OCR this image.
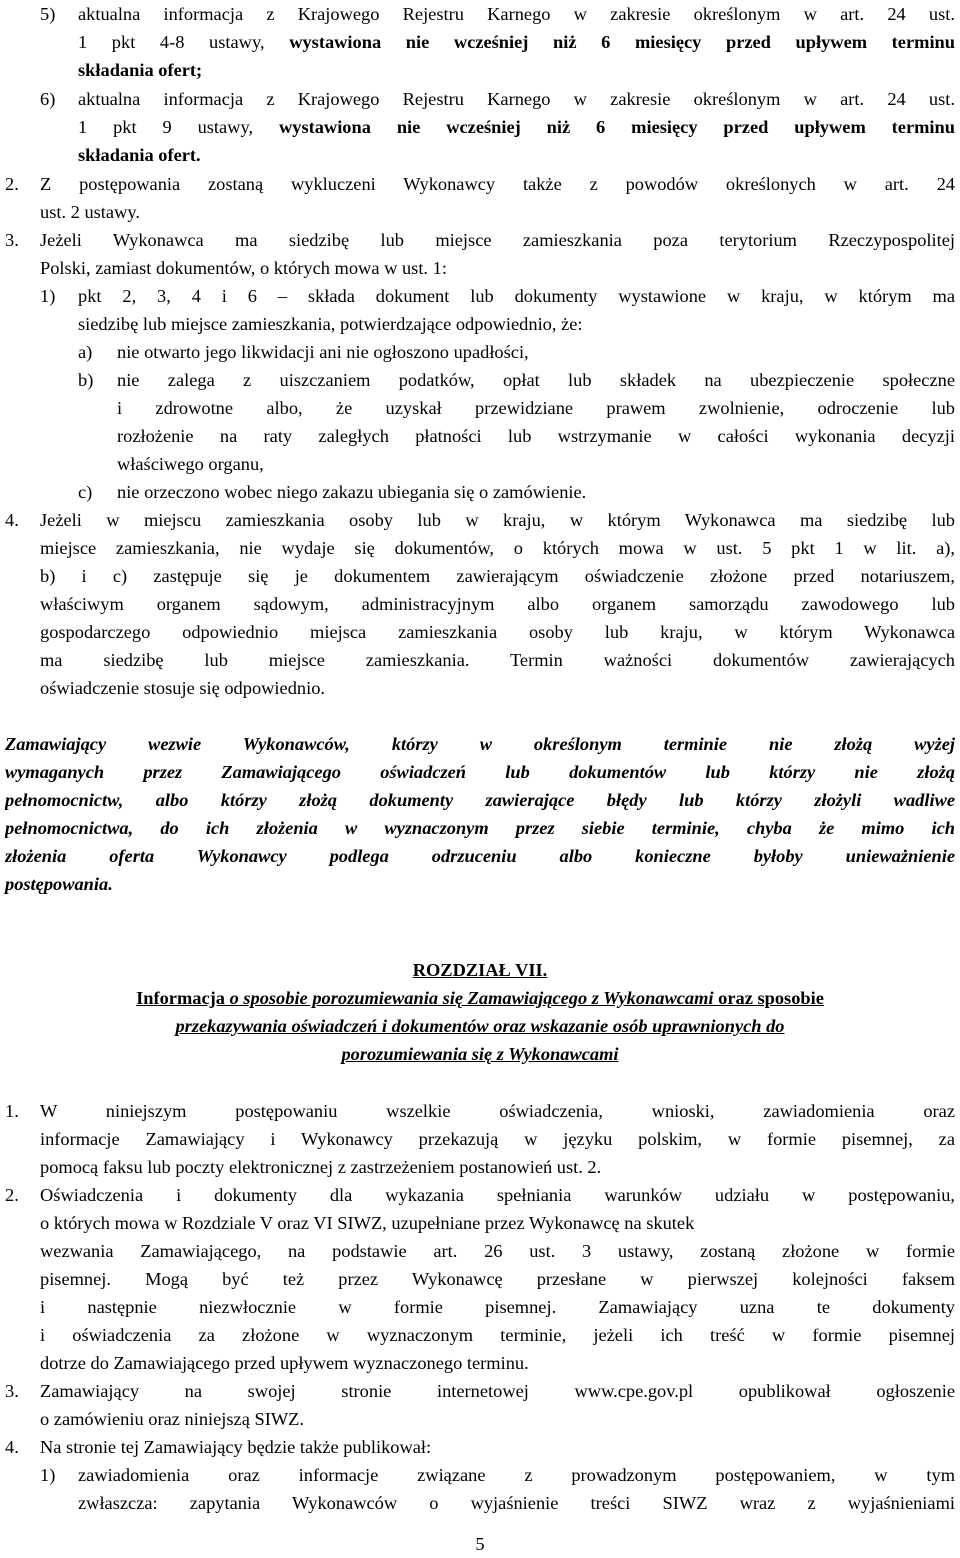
5) aktualna informacja z Krajowego Rejestru Karnego w zakresie określonym w art. 24 ust.
1 pkt 4-8 ustawy, wystawiona nie wcześniej niż 6 miesięcy przed upływem terminu
składania ofert;
6) aktualna informacja z Krajowego Rejestru Karnego w zakresie określonym w art. 24 ust.
1 pkt 9 ustawy, wystawiona nie wcześniej niż 6 miesięcy przed upływem terminu
składania ofert.
2. Z postępowania zostaną wykluczeni Wykonawcy także z powodów określonych w art. 24
ust. 2 ustawy.
3. Jeżeli Wykonawca ma siedzibę lub miejsce zamieszkania poza terytorium Rzeczypospolitej
Polski, zamiast dokumentów, o których mowa w ust. 1:
1) pkt 2, 3, 4 i 6 – składa dokument lub dokumenty wystawione w kraju, w którym ma
siedzibę lub miejsce zamieszkania, potwierdzające odpowiednio, że:
a) nie otwarto jego likwidacji ani nie ogłoszono upadłości,
b) nie zalega z uiszczaniem podatków, opłat lub składek na ubezpieczenie społeczne
i zdrowotne albo, że uzyskał przewidziane prawem zwolnienie, odroczenie lub
rozłożenie na raty zaległych płatności lub wstrzymanie w całości wykonania decyzji
właściwego organu,
c) nie orzeczono wobec niego zakazu ubiegania się o zamówienie.
4. Jeżeli w miejscu zamieszkania osoby lub w kraju, w którym Wykonawca ma siedzibę lub
miejsce zamieszkania, nie wydaje się dokumentów, o których mowa w ust. 5 pkt 1 w lit. a),
b) i c) zastępuje się je dokumentem zawierającym oświadczenie złożone przed notariuszem,
właściwym organem sądowym, administracyjnym albo organem samorządu zawodowego lub
gospodarczego odpowiednio miejsca zamieszkania osoby lub kraju, w którym Wykonawca
ma siedzibę lub miejsce zamieszkania. Termin ważności dokumentów zawierających
oświadczenie stosuje się odpowiednio.
Zamawiający wezwie Wykonawców, którzy w określonym terminie nie złożą wyżej
wymaganych przez Zamawiającego oświadczeń lub dokumentów lub którzy nie złożą
pełnomocnictw, albo którzy złożą dokumenty zawierające błędy lub którzy złożyli wadliwe
pełnomocnictwa, do ich złożenia w wyznaczonym przez siebie terminie, chyba że mimo ich
złożenia oferta Wykonawcy podlega odrzuceniu albo konieczne byłoby unieważnienie
postępowania.
ROZDZIAŁ VII.
Informacja o sposobie porozumiewania się Zamawiającego z Wykonawcami oraz sposobie
przekazywania oświadczeń i dokumentów oraz wskazanie osób uprawnionych do
porozumiewania się z Wykonawcami
1. W niniejszym postępowaniu wszelkie oświadczenia, wnioski, zawiadomienia oraz
informacje Zamawiający i Wykonawcy przekazują w języku polskim, w formie pisemnej, za
pomocą faksu lub poczty elektronicznej z zastrzeżeniem postanowień ust. 2.
2. Oświadczenia i dokumenty dla wykazania spełniania warunków udziału w postępowaniu,
o których mowa w Rozdziale V oraz VI SIWZ, uzupełniane przez Wykonawcę na skutek
wezwania Zamawiającego, na podstawie art. 26 ust. 3 ustawy, zostaną złożone w formie
pisemnej. Mogą być też przez Wykonawcę przesłane w pierwszej kolejności faksem
i następnie niezwłocznie w formie pisemnej. Zamawiający uzna te dokumenty
i oświadczenia za złożone w wyznaczonym terminie, jeżeli ich treść w formie pisemnej
dotrze do Zamawiającego przed upływem wyznaczonego terminu.
3. Zamawiający na swojej stronie internetowej www.cpe.gov.pl opublikował ogłoszenie
o zamówieniu oraz niniejszą SIWZ.
4. Na stronie tej Zamawiający będzie także publikował:
1) zawiadomienia oraz informacje związane z prowadzonym postępowaniem, w tym
zwłaszcza: zapytania Wykonawców o wyjaśnienie treści SIWZ wraz z wyjaśnieniami
5
